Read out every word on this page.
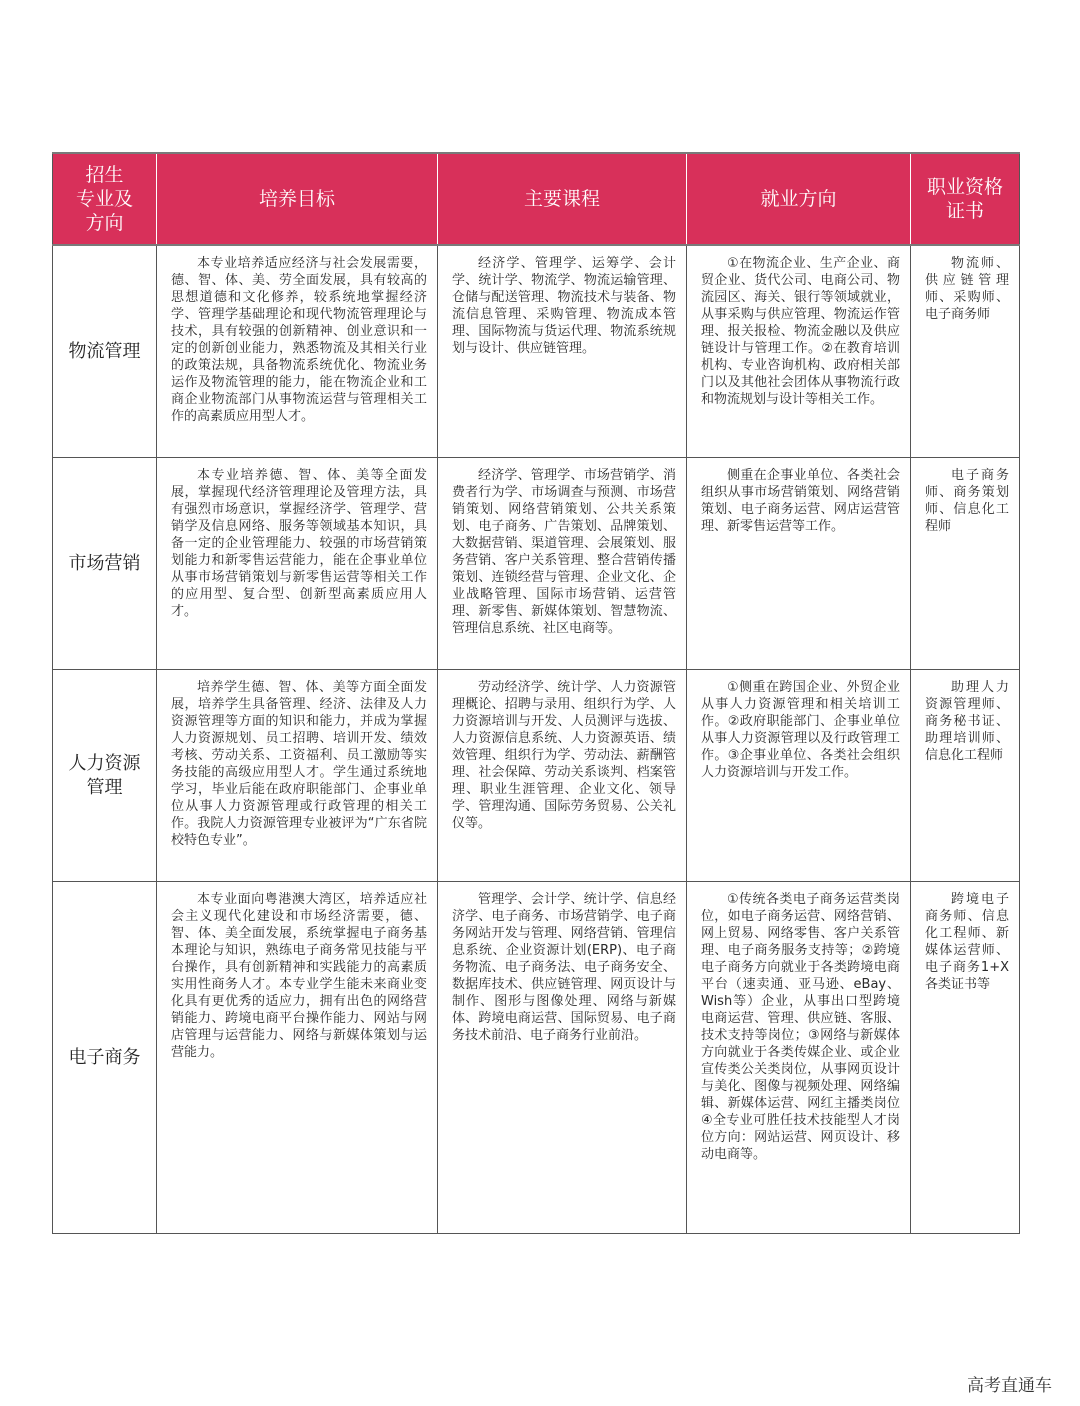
招生
专业及
方向	培养目标	主要课程	就业方向	职业资格
证书
物流管理	本专业培养适应经济与社会发展需要，德、智、体、美、劳全面发展，具有较高的思想道德和文化修养，较系统地掌握经济学、管理学基础理论和现代物流管理理论与技术，具有较强的创新精神、创业意识和一定的创新创业能力，熟悉物流及其相关行业的政策法规，具备物流系统优化、物流业务运作及物流管理的能力，能在物流企业和工商企业物流部门从事物流运营与管理相关工作的高素质应用型人才。	经济学、管理学、运筹学、会计学、统计学、物流学、物流运输管理、仓储与配送管理、物流技术与装备、物流信息管理、采购管理、物流成本管理、国际物流与货运代理、物流系统规划与设计、供应链管理。	①在物流企业、生产企业、商贸企业、货代公司、电商公司、物流园区、海关、银行等领域就业，从事采购与供应管理、物流运作管理、报关报检、物流金融以及供应链设计与管理工作。②在教育培训机构、专业咨询机构、政府相关部门以及其他社会团体从事物流行政和物流规划与设计等相关工作。	物流师、供应链管理师、采购师、电子商务师

市场营销	本专业培养德、智、体、美等全面发展，掌握现代经济管理理论及管理方法，具有强烈市场意识，掌握经济学、管理学、营销学及信息网络、服务等领域基本知识，具备一定的企业管理能力、较强的市场营销策划能力和新零售运营能力，能在企事业单位从事市场营销策划与新零售运营等相关工作的应用型、复合型、创新型高素质应用人才。	经济学、管理学、市场营销学、消费者行为学、市场调查与预测、市场营销策划、网络营销策划、公共关系策划、电子商务、广告策划、品牌策划、大数据营销、渠道管理、会展策划、服务营销、客户关系管理、整合营销传播策划、连锁经营与管理、企业文化、企业战略管理、国际市场营销、运营管理、新零售、新媒体策划、智慧物流、管理信息系统、社区电商等。	侧重在企事业单位、各类社会组织从事市场营销策划、网络营销策划、电子商务运营、网店运营管理、新零售运营等工作。	电子商务师、商务策划师、信息化工程师

人力资源
管理	培养学生德、智、体、美等方面全面发展，培养学生具备管理、经济、法律及人力资源管理等方面的知识和能力，并成为掌握人力资源规划、员工招聘、培训开发、绩效考核、劳动关系、工资福利、员工激励等实务技能的高级应用型人才。学生通过系统地学习，毕业后能在政府职能部门、企事业单位从事人力资源管理或行政管理的相关工作。我院人力资源管理专业被评为“广东省院校特色专业”。	劳动经济学、统计学、人力资源管理概论、招聘与录用、组织行为学、人力资源培训与开发、人员测评与选拔、人力资源信息系统、人力资源英语、绩效管理、组织行为学、劳动法、薪酬管理、社会保障、劳动关系谈判、档案管理、职业生涯管理、企业文化、领导学、管理沟通、国际劳务贸易、公关礼仪等。	①侧重在跨国企业、外贸企业从事人力资源管理和相关培训工作。②政府职能部门、企事业单位从事人力资源管理以及行政管理工作。③企事业单位、各类社会组织人力资源培训与开发工作。	助理人力资源管理师、商务秘书证、助理培训师、信息化工程师

电子商务	本专业面向粤港澳大湾区，培养适应社会主义现代化建设和市场经济需要，德、智、体、美全面发展，系统掌握电子商务基本理论与知识，熟练电子商务常见技能与平台操作，具有创新精神和实践能力的高素质实用性商务人才。本专业学生能未来商业变化具有更优秀的适应力，拥有出色的网络营销能力、跨境电商平台操作能力、网站与网店管理与运营能力、网络与新媒体策划与运营能力。	管理学、会计学、统计学、信息经济学、电子商务、市场营销学、电子商务网站开发与管理、网络营销、管理信息系统、企业资源计划(ERP)、电子商务物流、电子商务法、电子商务安全、数据库技术、供应链管理、网页设计与制作、图形与图像处理、网络与新媒体、跨境电商运营、国际贸易、电子商务技术前沿、电子商务行业前沿。	①传统各类电子商务运营类岗位，如电子商务运营、网络营销、网上贸易、网络零售、客户关系管理、电子商务服务支持等；②跨境电子商务方向就业于各类跨境电商平台（速卖通、亚马逊、eBay、Wish等）企业，从事出口型跨境电商运营、管理、供应链、客服、技术支持等岗位；③网络与新媒体方向就业于各类传媒企业、或企业宣传类公关类岗位，从事网页设计与美化、图像与视频处理、网络编辑、新媒体运营、网红主播类岗位④全专业可胜任技术技能型人才岗位方向：网站运营、网页设计、移动电商等。	跨境电子商务师、信息化工程师、新媒体运营师、电子商务1+X各类证书等
高考直通车
